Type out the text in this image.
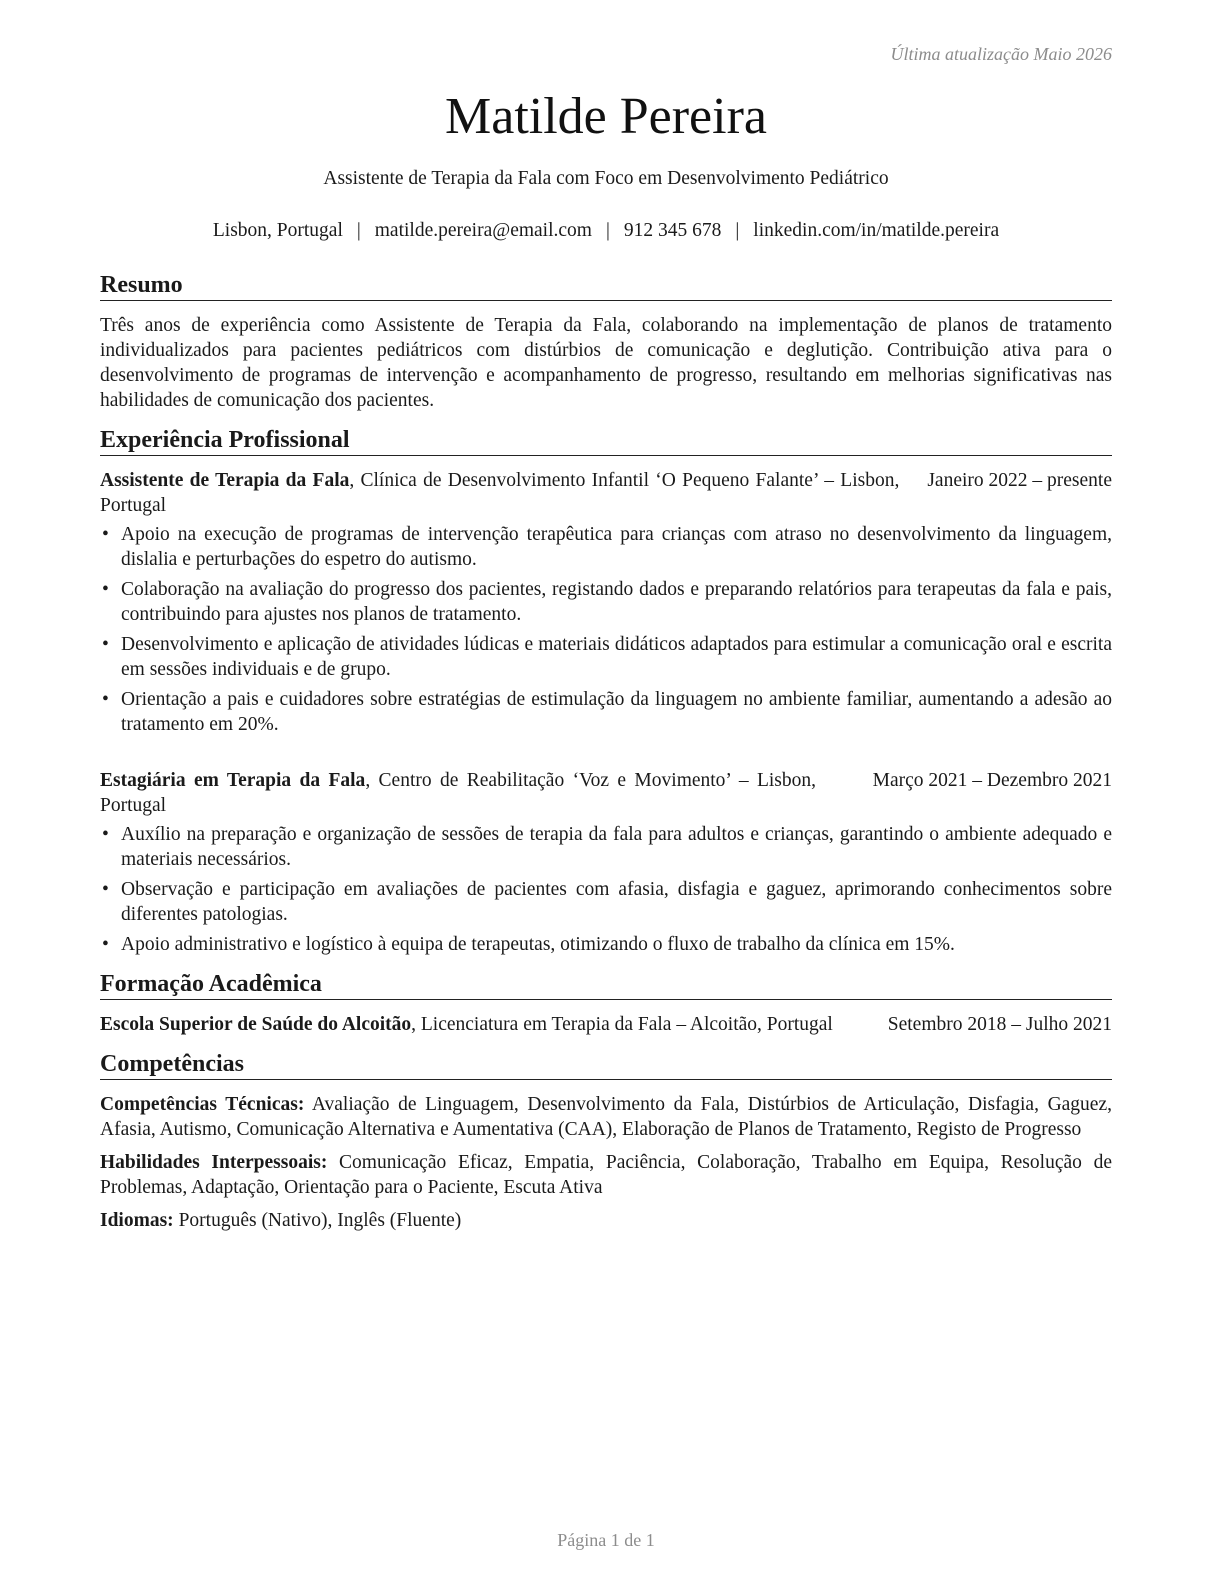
Última atualização Maio 2026
Matilde Pereira
Assistente de Terapia da Fala com Foco em Desenvolvimento Pediátrico
Lisbon, Portugal | matilde.pereira@email.com | 912 345 678 | linkedin.com/in/matilde.pereira
Resumo

Três anos de experiência como Assistente de Terapia da Fala, colaborando na implementação de planos de tratamento individualizados para pacientes pediátricos com distúrbios de comunicação e deglutição. Contribuição ativa para o desenvolvimento de programas de intervenção e acompanhamento de progresso, resultando em melhorias significativas nas habilidades de comunicação dos pacientes.

Experiência Profissional
Assistente de Terapia da Fala, Clínica de Desenvolvimento Infantil ‘O Pequeno Falante’ – Lisbon, Portugal
Janeiro 2022 – presente
• Apoio na execução de programas de intervenção terapêutica para crianças com atraso no desenvolvimento da linguagem, dislalia e perturbações do espetro do autismo.
• Colaboração na avaliação do progresso dos pacientes, registando dados e preparando relatórios para terapeutas da fala e pais, contribuindo para ajustes nos planos de tratamento.
• Desenvolvimento e aplicação de atividades lúdicas e materiais didáticos adaptados para estimular a comunicação oral e escrita em sessões individuais e de grupo.
• Orientação a pais e cuidadores sobre estratégias de estimulação da linguagem no ambiente familiar, aumentando a adesão ao tratamento em 20%.
Estagiária em Terapia da Fala, Centro de Reabilitação ‘Voz e Movimento’ – Lisbon, Portugal
Março 2021 – Dezembro 2021
• Auxílio na preparação e organização de sessões de terapia da fala para adultos e crianças, garantindo o ambiente adequado e materiais necessários.
• Observação e participação em avaliações de pacientes com afasia, disfagia e gaguez, aprimorando conhecimentos sobre diferentes patologias.
• Apoio administrativo e logístico à equipa de terapeutas, otimizando o fluxo de trabalho da clínica em 15%.
Formação Acadêmica
Escola Superior de Saúde do Alcoitão, Licenciatura em Terapia da Fala – Alcoitão, Portugal	Setembro 2018 – Julho 2021
Competências
Competências Técnicas: Avaliação de Linguagem, Desenvolvimento da Fala, Distúrbios de Articulação, Disfagia, Gaguez, Afasia, Autismo, Comunicação Alternativa e Aumentativa (CAA), Elaboração de Planos de Tratamento, Registo de Progresso
Habilidades Interpessoais: Comunicação Eficaz, Empatia, Paciência, Colaboração, Trabalho em Equipa, Resolução de Problemas, Adaptação, Orientação para o Paciente, Escuta Ativa
Idiomas: Português (Nativo), Inglês (Fluente)
Página 1 de 1
